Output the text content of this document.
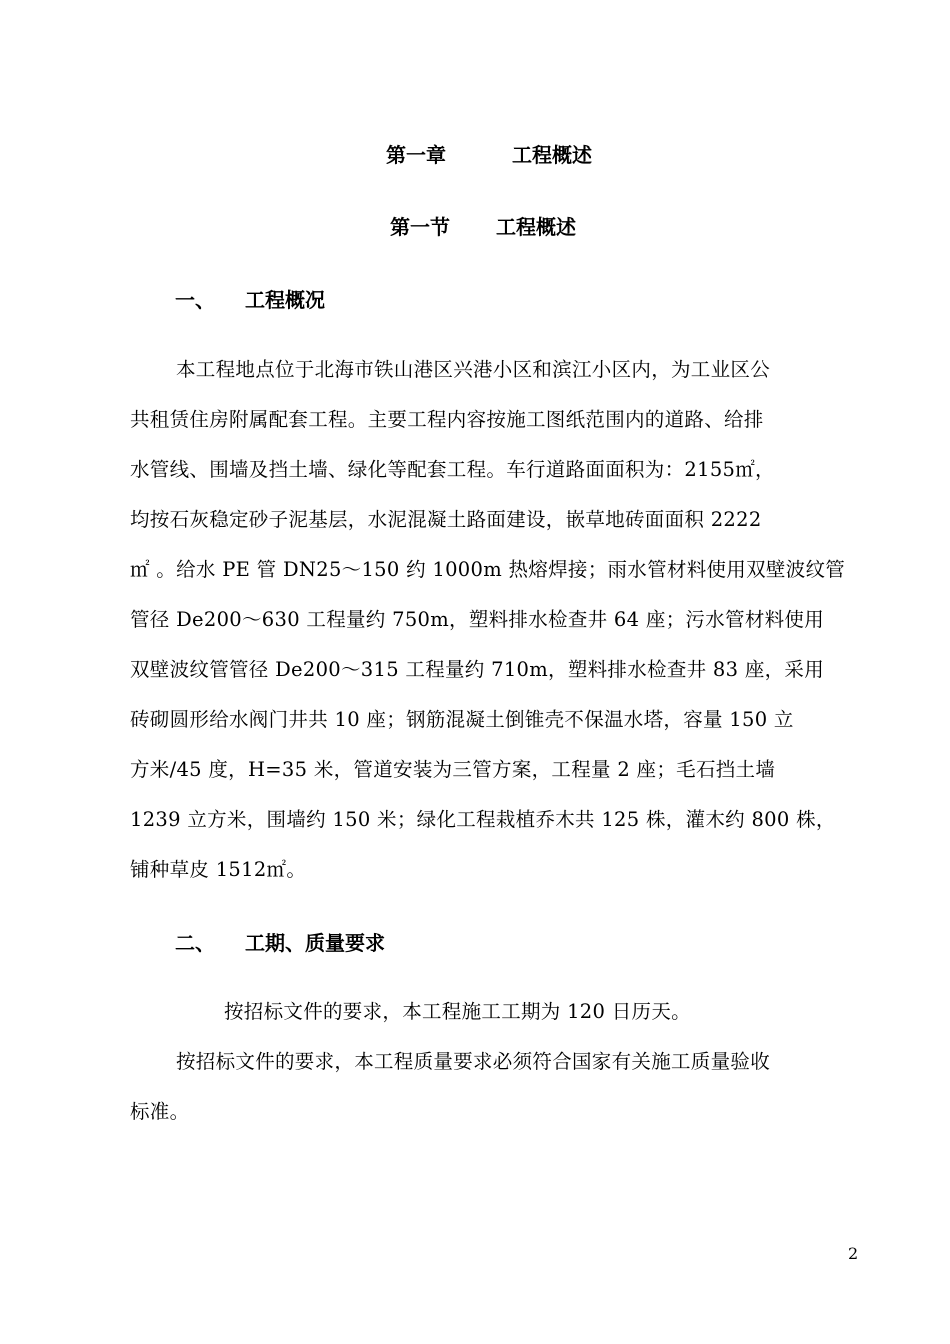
第一章	工程概述
第一节 工程概述
一、 工程概况
本工程地点位于北海市铁山港区兴港小区和滨江小区内，为工业区公
共租赁住房附属配套工程。主要工程内容按施工图纸范围内的道路、给排
水管线、围墙及挡土墙、绿化等配套工程。车行道路面面积为：2155㎡，
均按石灰稳定砂子泥基层，水泥混凝土路面建设，嵌草地砖面面积 2222
㎡ 。给水 PE 管 DN25～150 约 1000m 热熔焊接；雨水管材料使用双壁波纹管
管径 De200～630 工程量约 750m，塑料排水检查井 64 座；污水管材料使用
双壁波纹管管径 De200～315 工程量约 710m，塑料排水检查井 83 座，采用
砖砌圆形给水阀门井共 10 座；钢筋混凝土倒锥壳不保温水塔，容量 150 立
方米/45 度，H=35 米，管道安装为三管方案，工程量 2 座；毛石挡土墙
1239 立方米，围墙约 150 米；绿化工程栽植乔木共 125 株，灌木约 800 株，
铺种草皮 1512㎡。
二、 工期、质量要求
按招标文件的要求，本工程施工工期为 120 日历天。
按招标文件的要求，本工程质量要求必须符合国家有关施工质量验收
标准。
2
